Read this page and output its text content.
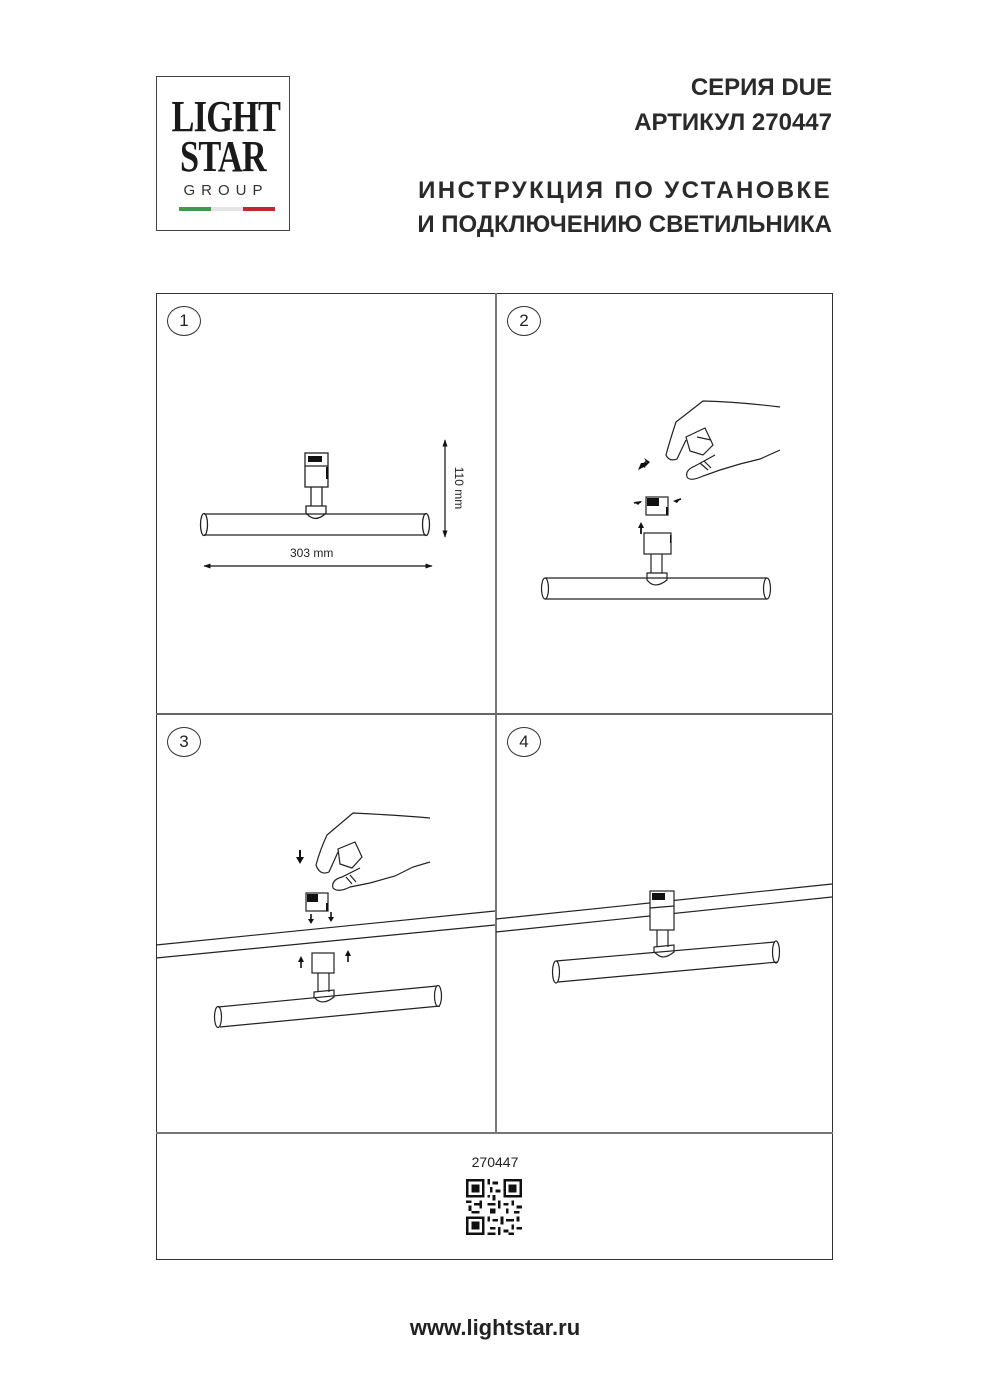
LIGHT
STAR
GROUP
СЕРИЯ DUE
АРТИКУЛ 270447
ИНСТРУКЦИЯ ПО УСТАНОВКЕ
И ПОДКЛЮЧЕНИЮ СВЕТИЛЬНИКА
1	2
3	4
303 mm
110 mm
270447
www.lightstar.ru
